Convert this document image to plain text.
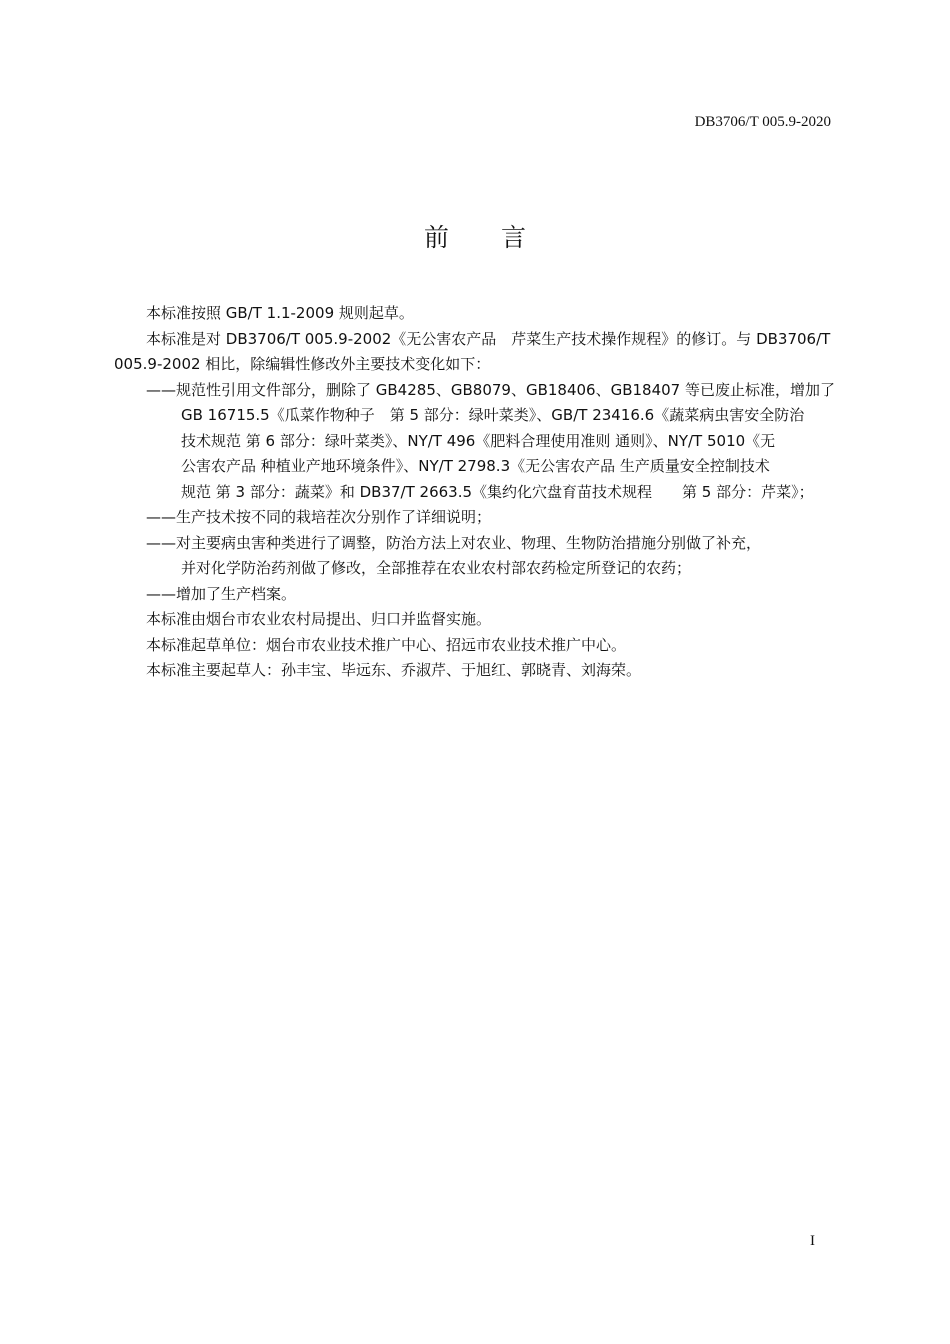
DB3706/T 005.9-2020
前言

本标准按照 GB/T 1.1-2009 规则起草。

本标准是对 DB3706/T 005.9-2002《无公害农产品　芹菜生产技术操作规程》的修订。与 DB3706/T

005.9-2002 相比，除编辑性修改外主要技术变化如下：

——规范性引用文件部分，删除了 GB4285、GB8079、GB18406、GB18407 等已废止标准，增加了

GB 16715.5《瓜菜作物种子　第 5 部分：绿叶菜类》、GB/T 23416.6《蔬菜病虫害安全防治

技术规范 第 6 部分：绿叶菜类》、NY/T 496《肥料合理使用准则 通则》、NY/T 5010《无

公害农产品 种植业产地环境条件》、NY/T 2798.3《无公害农产品 生产质量安全控制技术

规范 第 3 部分：蔬菜》和 DB37/T 2663.5《集约化穴盘育苗技术规程　　第 5 部分：芹菜》；

——生产技术按不同的栽培茬次分别作了详细说明；

——对主要病虫害种类进行了调整，防治方法上对农业、物理、生物防治措施分别做了补充，

并对化学防治药剂做了修改，全部推荐在农业农村部农药检定所登记的农药；

——增加了生产档案。

本标准由烟台市农业农村局提出、归口并监督实施。

本标准起草单位：烟台市农业技术推广中心、招远市农业技术推广中心。

本标准主要起草人：孙丰宝、毕远东、乔淑芹、于旭红、郭晓青、刘海荣。

I
